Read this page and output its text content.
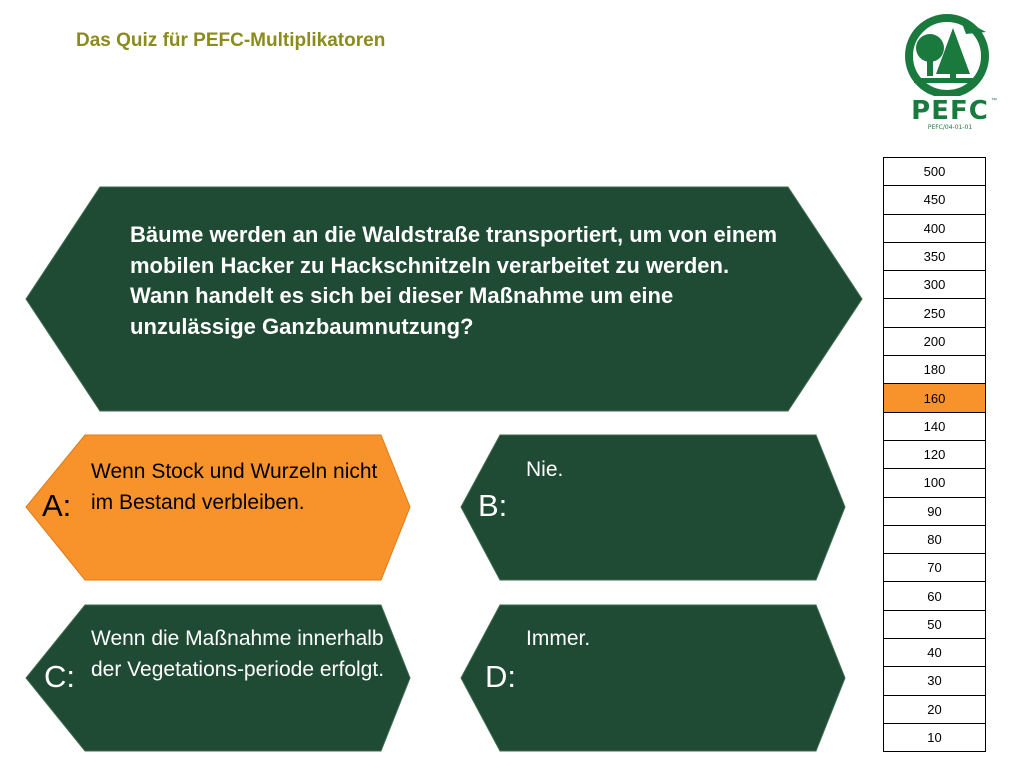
Das Quiz für PEFC-Multiplikatoren
PEFC ™
PEFC/04-01-01
Bäume werden an die Waldstraße transportiert, um von einem mobilen Hacker zu Hackschnitzeln verarbeitet zu werden. Wann handelt es sich bei dieser Maßnahme um eine unzulässige Ganzbaumnutzung?
A:
Wenn Stock und Wurzeln nicht im Bestand verbleiben.	B:
Nie.
C:
Wenn die Maßnahme innerhalb der Vegetations-periode erfolgt.	D:
Immer.
500
450
400
350
300
250
200
180
160
140
120
100
90
80
70
60
50
40
30
20
10
